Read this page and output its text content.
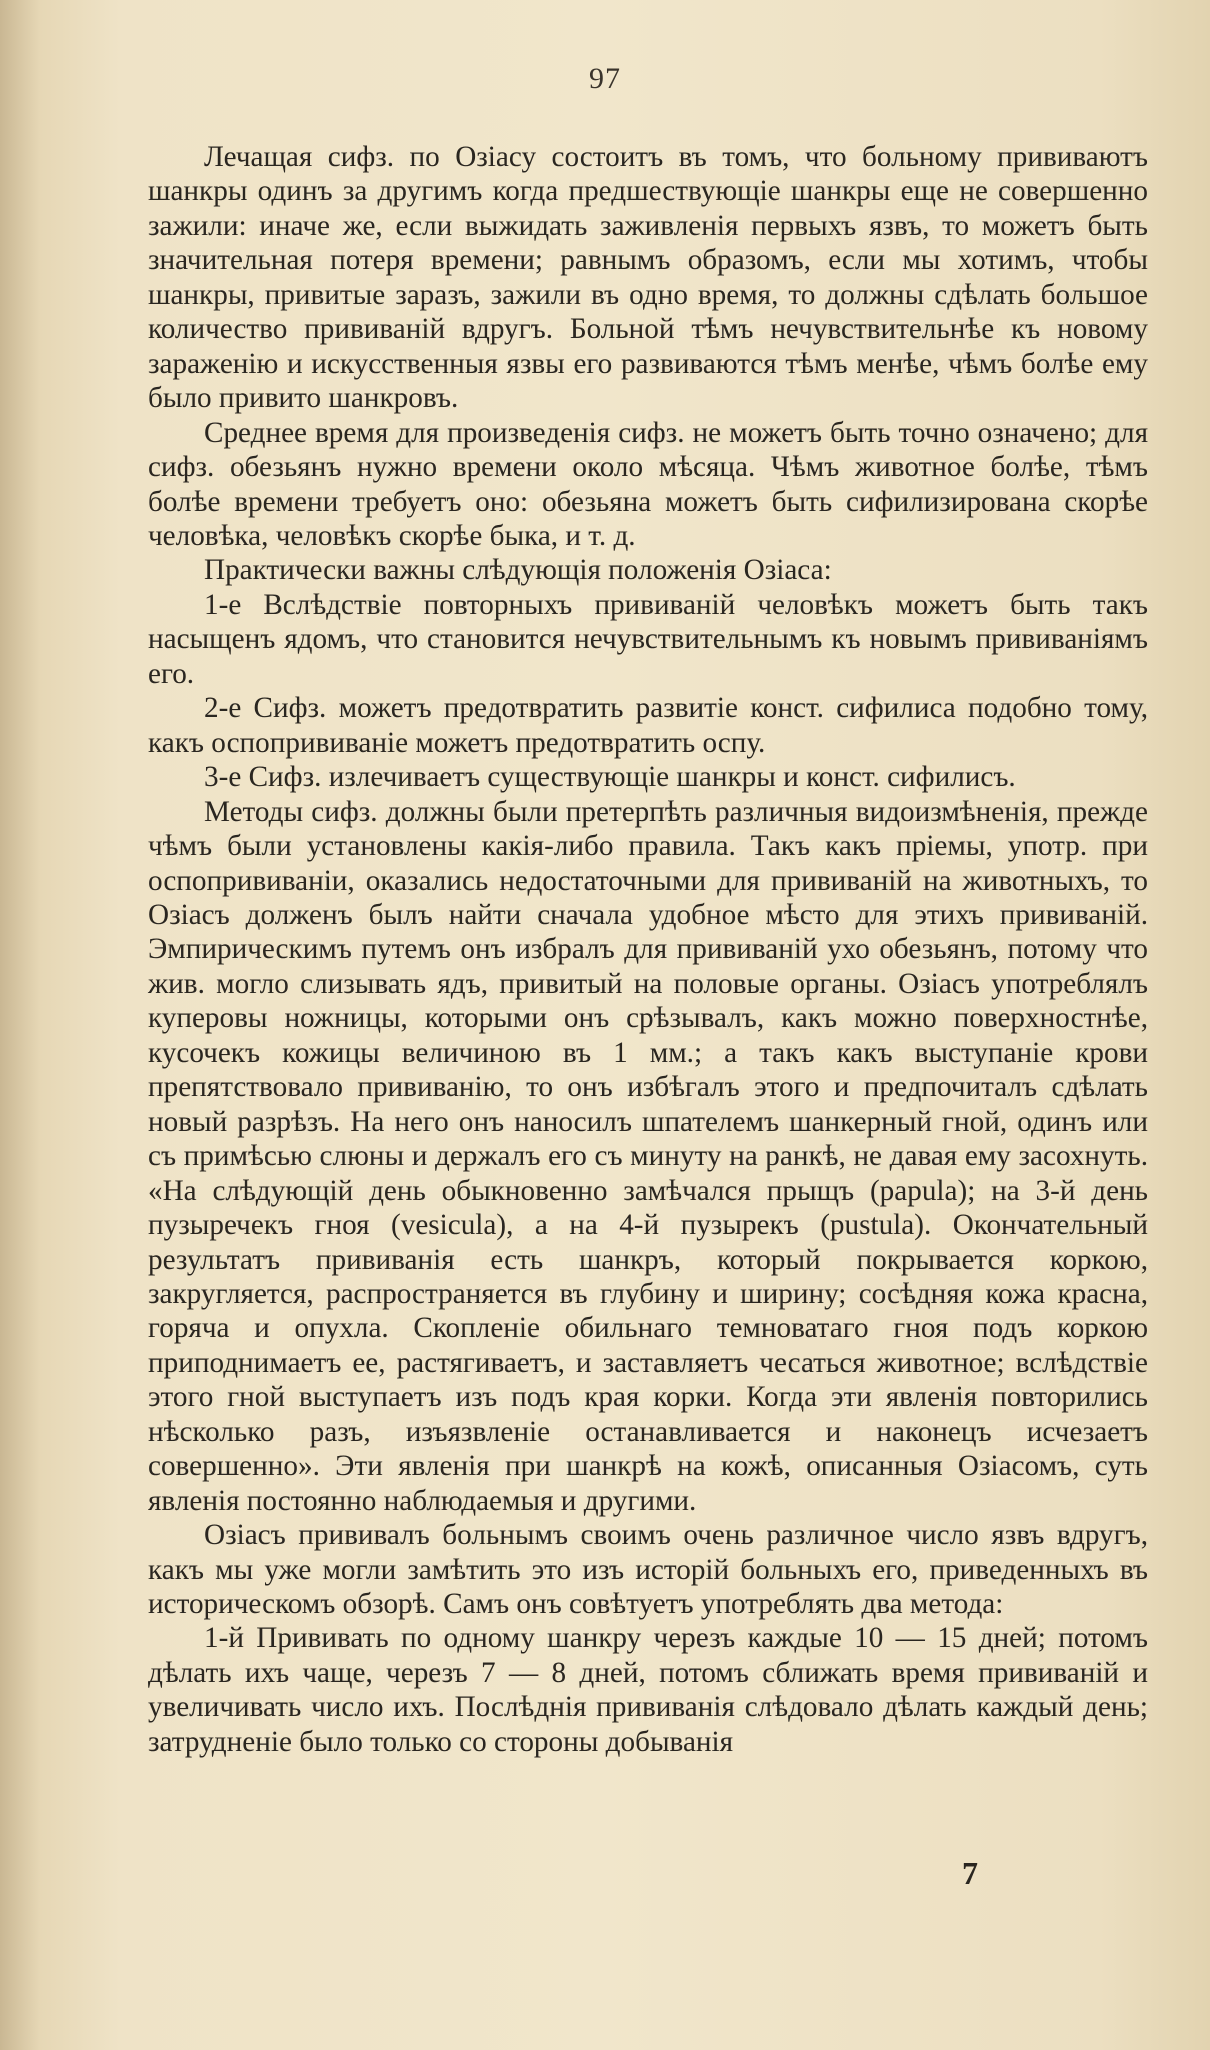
97

Лечащая сифз. по Озіасу состоитъ въ томъ, что больному прививаютъ шанкры одинъ за другимъ когда предшествующіе шанкры еще не совершенно зажили: иначе же, если выжидать заживленія первыхъ язвъ, то можетъ быть значительная потеря времени; равнымъ образомъ, если мы хотимъ, чтобы шанкры, привитые заразъ, зажили въ одно время, то должны сдѣлать большое количество прививаній вдругъ. Больной тѣмъ нечувствительнѣе къ новому зараженію и искусственныя язвы его развиваются тѣмъ менѣе, чѣмъ болѣе ему было привито шанкровъ.

Среднее время для произведенія сифз. не можетъ быть точно означено; для сифз. обезьянъ нужно времени около мѣсяца. Чѣмъ животное болѣе, тѣмъ болѣе времени требуетъ оно: обезьяна можетъ быть сифилизирована скорѣе человѣка, человѣкъ скорѣе быка, и т. д.

Практически важны слѣдующія положенія Озіаса:

1-е Вслѣдствіе повторныхъ прививаній человѣкъ можетъ быть такъ насыщенъ ядомъ, что становится нечувствительнымъ къ новымъ прививаніямъ его.

2-е Сифз. можетъ предотвратить развитіе конст. сифилиса подобно тому, какъ оспопрививаніе можетъ предотвратить оспу.

3-е Сифз. излечиваетъ существующіе шанкры и конст. сифилисъ.

Методы сифз. должны были претерпѣть различныя видоизмѣненія, прежде чѣмъ были установлены какія-либо правила. Такъ какъ пріемы, употр. при оспопрививаніи, оказались недостаточными для прививаній на животныхъ, то Озіасъ долженъ былъ найти сначала удобное мѣсто для этихъ прививаній. Эмпирическимъ путемъ онъ избралъ для прививаній ухо обезьянъ, потому что жив. могло слизывать ядъ, привитый на половые органы. Озіасъ употреблялъ куперовы ножницы, которыми онъ срѣзывалъ, какъ можно поверхностнѣе, кусочекъ кожицы величиною въ 1 мм.; а такъ какъ выступаніе крови препятствовало прививанію, то онъ избѣгалъ этого и предпочиталъ сдѣлать новый разрѣзъ. На него онъ наносилъ шпателемъ шанкерный гной, одинъ или съ примѣсью слюны и держалъ его съ минуту на ранкѣ, не давая ему засохнуть. «На слѣдующій день обыкновенно замѣчался прыщъ (papula); на 3-й день пузыречекъ гноя (vesicula), а на 4-й пузырекъ (pustula). Окончательный результатъ прививанія есть шанкръ, который покрывается коркою, закругляется, распространяется въ глубину и ширину; сосѣдняя кожа красна, горяча и опухла. Скопленіе обильнаго темноватаго гноя подъ коркою приподнимаетъ ее, растягиваетъ, и заставляетъ чесаться животное; вслѣдствіе этого гной выступаетъ изъ подъ края корки. Когда эти явленія повторились нѣсколько разъ, изъязвленіе останавливается и наконецъ исчезаетъ совершенно». Эти явленія при шанкрѣ на кожѣ, описанныя Озіасомъ, суть явленія постоянно наблюдаемыя и другими.

Озіасъ прививалъ больнымъ своимъ очень различное число язвъ вдругъ, какъ мы уже могли замѣтить это изъ исторій больныхъ его, приведенныхъ въ историческомъ обзорѣ. Самъ онъ совѣтуетъ употреблять два метода:

1-й Прививать по одному шанкру черезъ каждые 10 — 15 дней; потомъ дѣлать ихъ чаще, черезъ 7 — 8 дней, потомъ сближать время прививаній и увеличивать число ихъ. Послѣднія прививанія слѣдовало дѣлать каждый день; затрудненіе было только со стороны добыванія

7
